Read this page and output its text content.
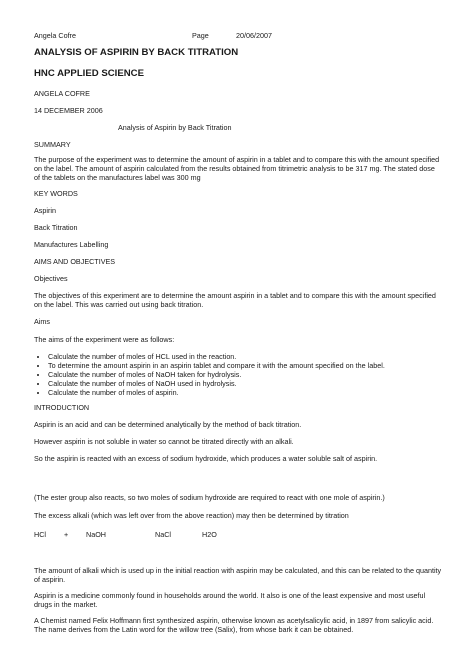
Angela Cofre	Page	20/06/2007
ANALYSIS OF ASPIRIN BY BACK TITRATION
HNC APPLIED SCIENCE
ANGELA COFRE
14 DECEMBER 2006
Analysis of Aspirin by Back Titration
SUMMARY
The purpose of the experiment was to determine the amount of aspirin in a tablet and to compare this with the amount specified on the label. The amount of aspirin calculated from the results obtained from titrimetric analysis to be 317 mg. The stated dose of the tablets on the manufactures label was 300 mg
KEY WORDS
Aspirin
Back Titration
Manufactures Labelling
AIMS AND OBJECTIVES
Objectives
The objectives of this experiment are to determine the amount aspirin in a tablet and to compare this with the amount specified on the label. This was carried out using back titration.
Aims
The aims of the experiment were as follows:
• Calculate the number of moles of HCL used in the reaction.
• To determine the amount aspirin in an aspirin tablet and compare it with the amount specified on the label.
• Calculate the number of moles of NaOH taken for hydrolysis.
• Calculate the number of moles of NaOH used in hydrolysis.
• Calculate the number of moles of aspirin.
INTRODUCTION
Aspirin is an acid and can be determined analytically by the method of back titration.
However aspirin is not soluble in water so cannot be titrated directly with an alkali.
So the aspirin is reacted with an excess of sodium hydroxide, which produces a water soluble salt of aspirin.
(The ester group also reacts, so two moles of sodium hydroxide are required to react with one mole of aspirin.)
The excess alkali (which was left over from the above reaction) may then be determined by titration
HCl	+ NaOH	NaCl	H2O
The amount of alkali which is used up in the initial reaction with aspirin may be calculated, and this can be related to the quantity of aspirin.
Aspirin is a medicine commonly found in households around the world. It also is one of the least expensive and most useful drugs in the market.
A Chemist named Felix Hoffmann first synthesized aspirin, otherwise known as acetylsalicylic acid, in 1897 from salicylic acid. The name derives from the Latin word for the willow tree (Salix), from whose bark it can be obtained.
